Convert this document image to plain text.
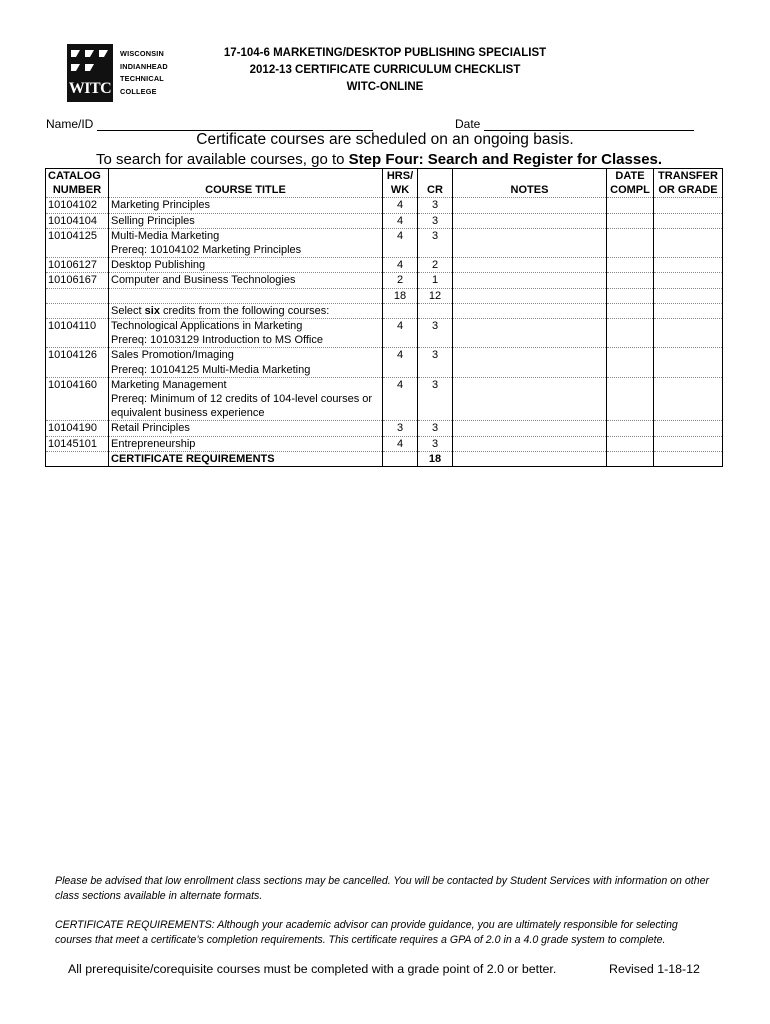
WITC
WISCONSIN
INDIANHEAD
TECHNICAL
COLLEGE
17-104-6 MARKETING/DESKTOP PUBLISHING SPECIALIST
2012-13 CERTIFICATE CURRICULUM CHECKLIST
WITC-ONLINE
Name/ID	Date
Certificate courses are scheduled on an ongoing basis.
To search for available courses, go to Step Four: Search and Register for Classes.
CATALOG		HRS/			DATE	TRANSFER
NUMBER	COURSE TITLE	WK	CR	NOTES	COMPL	OR GRADE
10104102	Marketing Principles	4	3			
10104104	Selling Principles	4	3			
10104125	Multi-Media Marketing	4	3			
	Prereq: 10104102 Marketing Principles					
10106127	Desktop Publishing	4	2			
10106167	Computer and Business Technologies	2	1			
		18	12			
	Select six credits from the following courses:					
10104110	Technological Applications in Marketing	4	3			
	Prereq: 10103129 Introduction to MS Office					
10104126	Sales Promotion/Imaging	4	3			
	Prereq: 10104125 Multi-Media Marketing					
10104160	Marketing Management	4	3			
	Prereq: Minimum of 12 credits of 104-level courses or					
	equivalent business experience					
10104190	Retail Principles	3	3			
10145101	Entrepreneurship	4	3			
	CERTIFICATE REQUIREMENTS		18			
Please be advised that low enrollment class sections may be cancelled. You will be contacted by Student Services with information on other class sections available in alternate formats.
CERTIFICATE REQUIREMENTS: Although your academic advisor can provide guidance, you are ultimately responsible for selecting courses that meet a certificate’s completion requirements. This certificate requires a GPA of 2.0 in a 4.0 grade system to complete.
All prerequisite/corequisite courses must be completed with a grade point of 2.0 or better.	Revised 1-18-12
